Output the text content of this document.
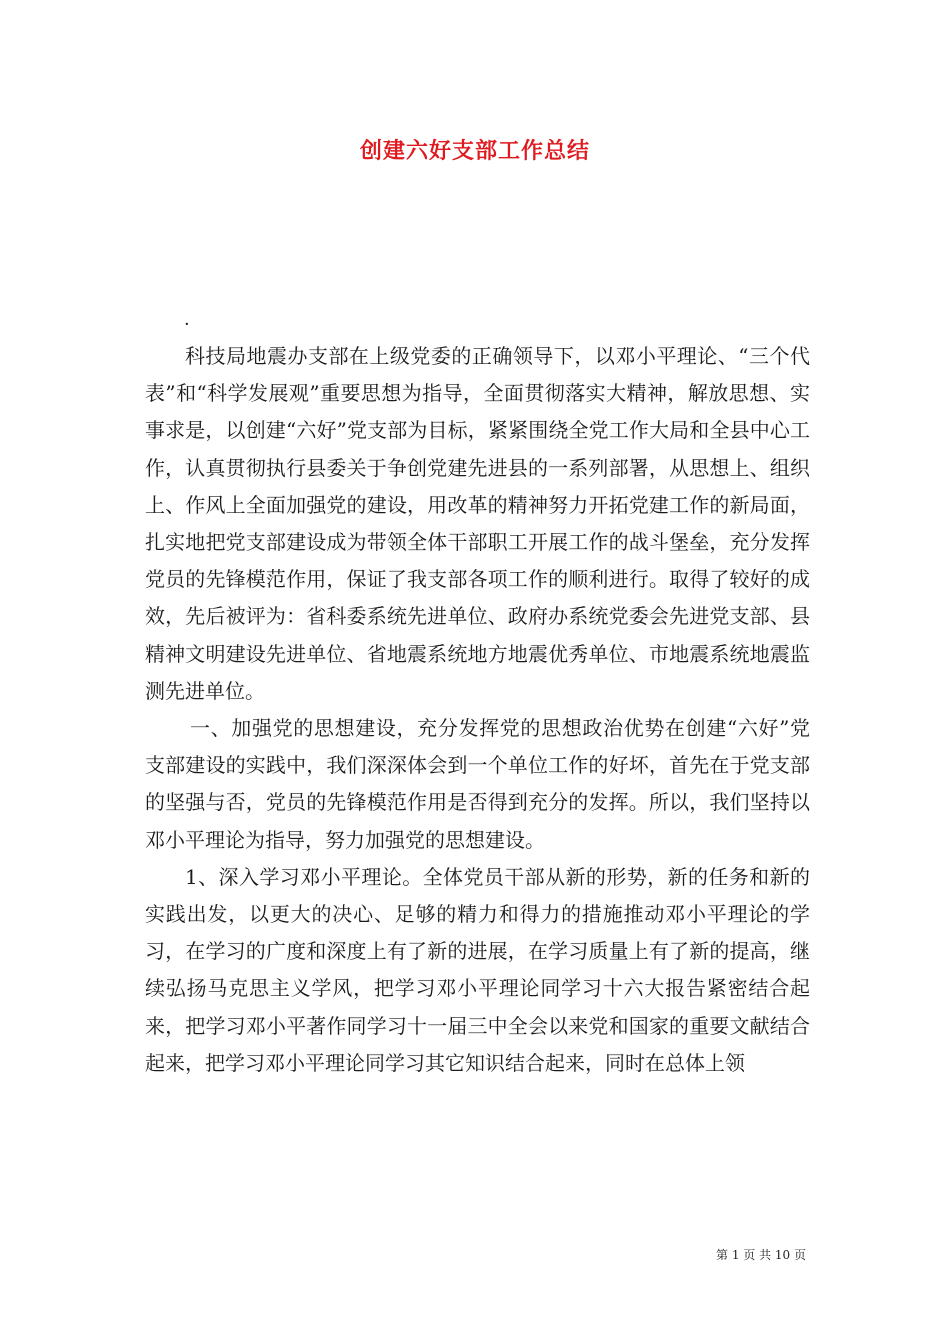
创建六好支部工作总结
·

科技局地震办支部在上级党委的正确领导下，以邓小平理论、“三个代表”和“科学发展观”重要思想为指导，全面贯彻落实大精神，解放思想、实事求是，以创建“六好”党支部为目标，紧紧围绕全党工作大局和全县中心工作，认真贯彻执行县委关于争创党建先进县的一系列部署，从思想上、组织上、作风上全面加强党的建设，用改革的精神努力开拓党建工作的新局面，扎实地把党支部建设成为带领全体干部职工开展工作的战斗堡垒，充分发挥党员的先锋模范作用，保证了我支部各项工作的顺利进行。取得了较好的成效，先后被评为：省科委系统先进单位、政府办系统党委会先进党支部、县精神文明建设先进单位、省地震系统地方地震优秀单位、市地震系统地震监测先进单位。

一、加强党的思想建设，充分发挥党的思想政治优势在创建“六好”党支部建设的实践中，我们深深体会到一个单位工作的好坏，首先在于党支部的坚强与否，党员的先锋模范作用是否得到充分的发挥。所以，我们坚持以邓小平理论为指导，努力加强党的思想建设。

1、深入学习邓小平理论。全体党员干部从新的形势，新的任务和新的实践出发，以更大的决心、足够的精力和得力的措施推动邓小平理论的学习，在学习的广度和深度上有了新的进展，在学习质量上有了新的提高，继续弘扬马克思主义学风，把学习邓小平理论同学习十六大报告紧密结合起来，把学习邓小平著作同学习十一届三中全会以来党和国家的重要文献结合起来，把学习邓小平理论同学习其它知识结合起来，同时在总体上领

第 1 页 共 10 页
